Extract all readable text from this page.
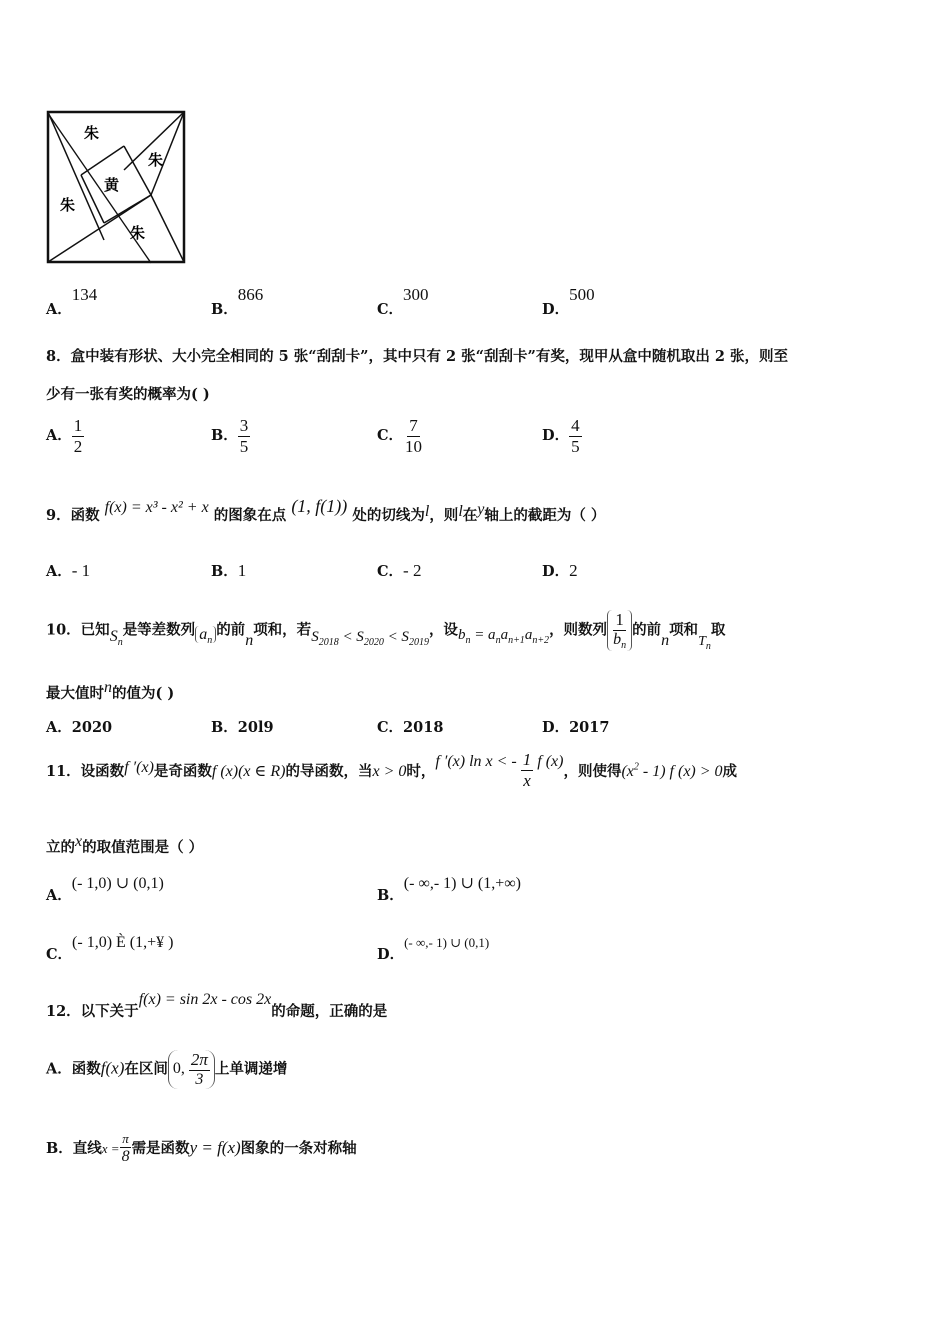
朱
朱
朱
朱
黄
A．134
B．866
C．300
D．500
8．盒中装有形状、大小完全相同的 5 张“刮刮卡”，其中只有 2 张“刮刮卡”有奖，现甲从盒中随机取出 2 张，则至
少有一张有奖的概率为( )
A． $\frac{1}{2}$	B． $\frac{3}{5}$	C． $\frac{7}{10}$	D． $\frac{4}{5}$
9．函数 f(x) = x³ - x² + x 的图象在点 (1, f(1)) 处的切线为l，则l在y轴上的截距为（ ）
A．- 1	B．1	C．- 2	D．2
10．已知$S_n$是等差数列 $a_n$的前n项和，若$S_{2018} < S_{2020} < S_{2019}$，设$b_n = a_na_{n+1}a_{n+2}$，则数列 $\frac{1}{b_n}$ 的前n项和$T_n$取
最大值时n的值为( )
A．2020	B．20l9	C．2018	D．2017
11．设函数f ′(x)是奇函数f (x)(x ∈ R)的导函数，当x > 0时，f ′(x) ln x < - $\frac{1}{x}$ f (x)，则使得$(x^2 - 1)$ f (x) > 0成
立的x的取值范围是（ ）
A．(- 1,0) ∪ (0,1)
B．(- ∞,- 1) ∪ (1,+∞)
C．(- 1,0) È (1,+¥ )
D．(- ∞,- 1) ∪ (0,1)
12．以下关于f(x) = sin 2x - cos 2x的命题，正确的是
A．函数f(x)在区间 0, $\frac{2\pi}{3}$ 上单调递增
B．直线$x = \frac{\pi}{8}$ 需是函数y = f(x)图象的一条对称轴
